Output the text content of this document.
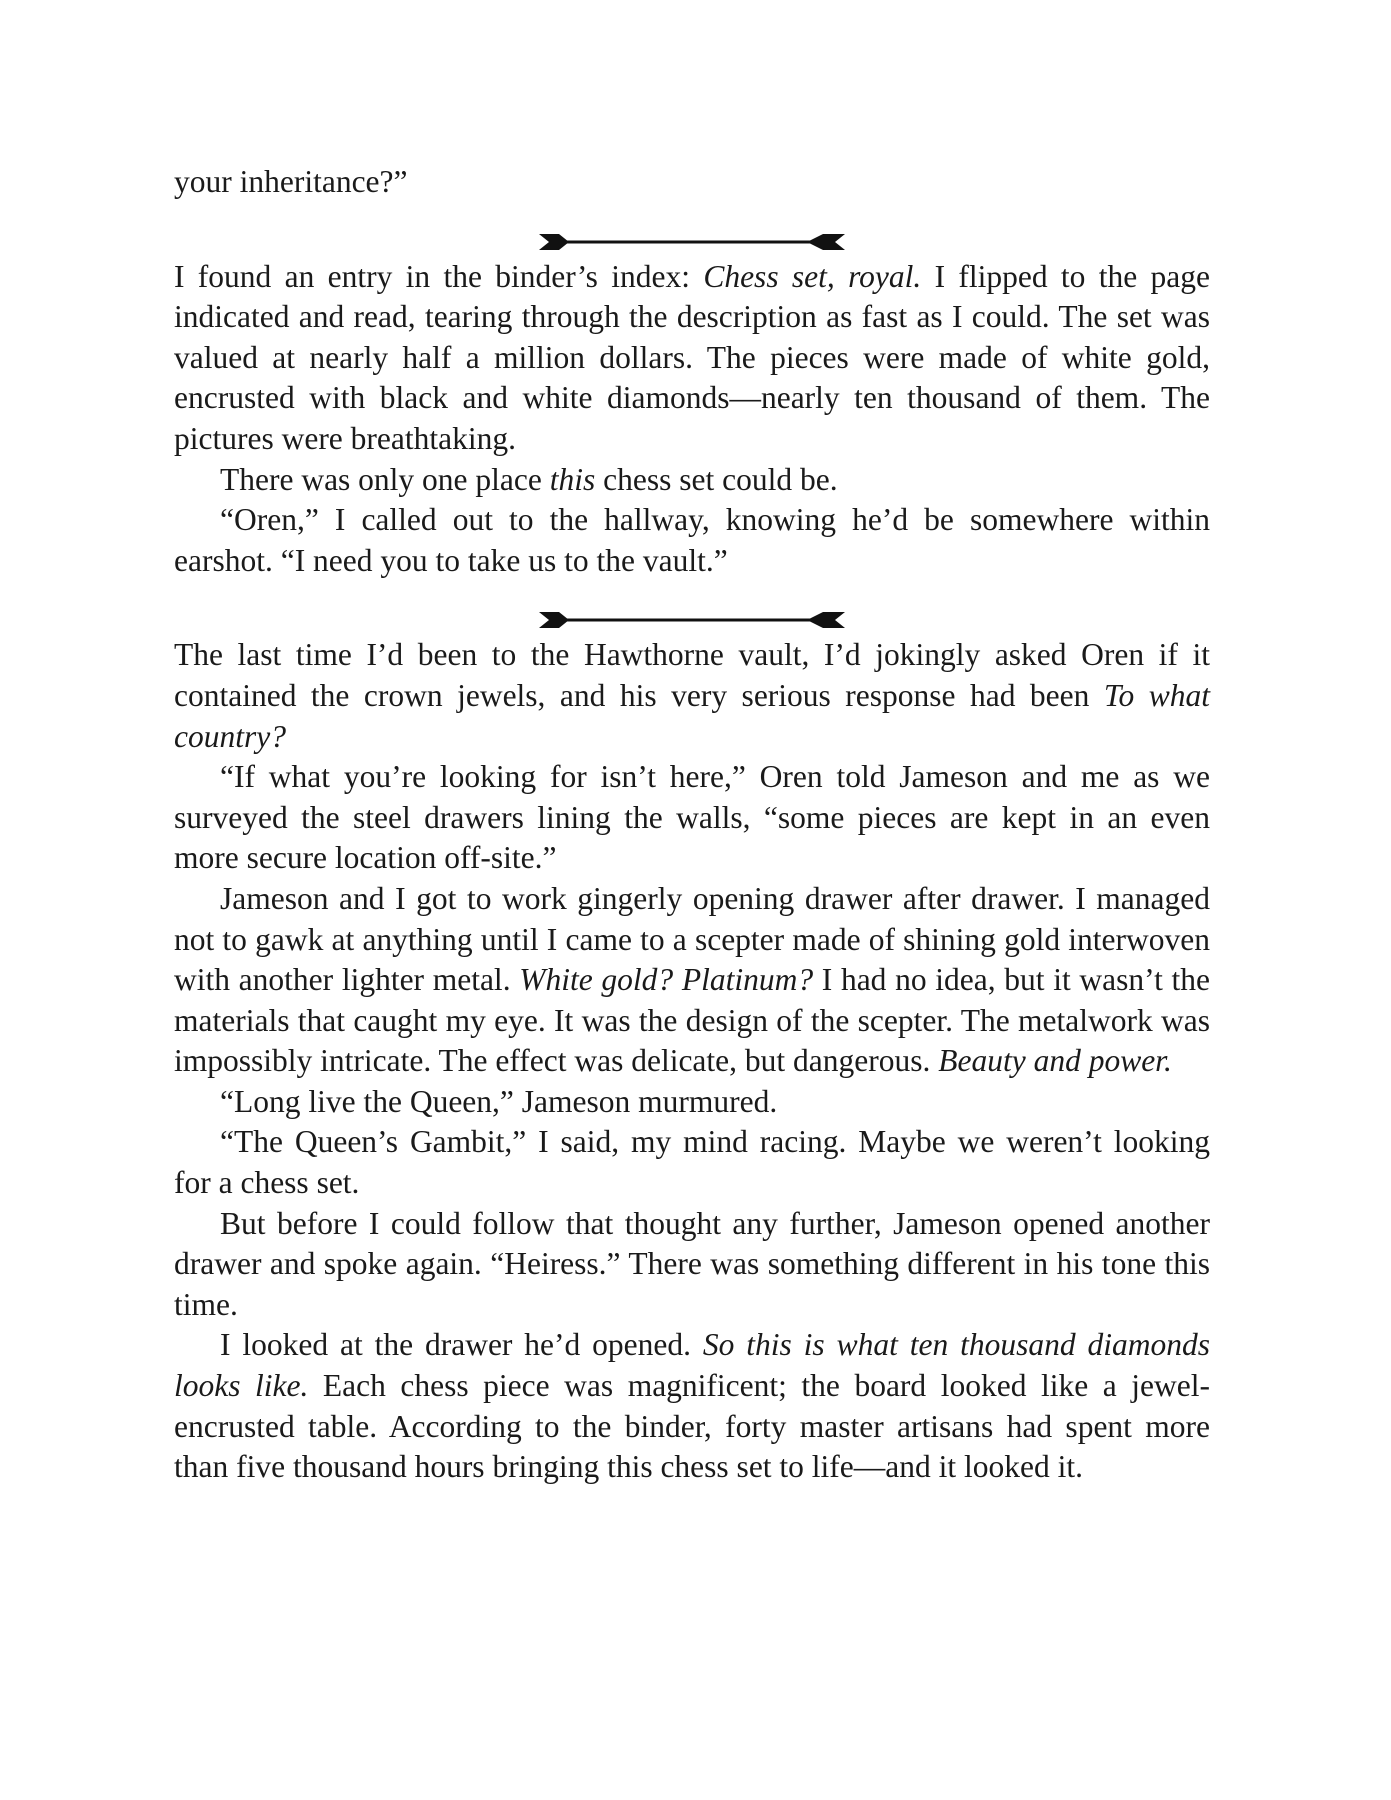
your inheritance?”

I found an entry in the binder’s index: Chess set, royal. I flipped to the page indicated and read, tearing through the description as fast as I could. The set was valued at nearly half a million dollars. The pieces were made of white gold, encrusted with black and white diamonds—nearly ten thousand of them. The pictures were breathtaking.

There was only one place this chess set could be.

“Oren,” I called out to the hallway, knowing he’d be somewhere within earshot. “I need you to take us to the vault.”

The last time I’d been to the Hawthorne vault, I’d jokingly asked Oren if it contained the crown jewels, and his very serious response had been To what country?

“If what you’re looking for isn’t here,” Oren told Jameson and me as we surveyed the steel drawers lining the walls, “some pieces are kept in an even more secure location off-site.”

Jameson and I got to work gingerly opening drawer after drawer. I managed not to gawk at anything until I came to a scepter made of shining gold interwoven with another lighter metal. White gold? Platinum? I had no idea, but it wasn’t the materials that caught my eye. It was the design of the scepter. The metalwork was impossibly intricate. The effect was delicate, but dangerous. Beauty and power.

“Long live the Queen,” Jameson murmured.

“The Queen’s Gambit,” I said, my mind racing. Maybe we weren’t looking for a chess set.

But before I could follow that thought any further, Jameson opened another drawer and spoke again. “Heiress.” There was something different in his tone this time.

I looked at the drawer he’d opened. So this is what ten thousand diamonds looks like. Each chess piece was magnificent; the board looked like a jewel-encrusted table. According to the binder, forty master artisans had spent more than five thousand hours bringing this chess set to life—and it looked it.
